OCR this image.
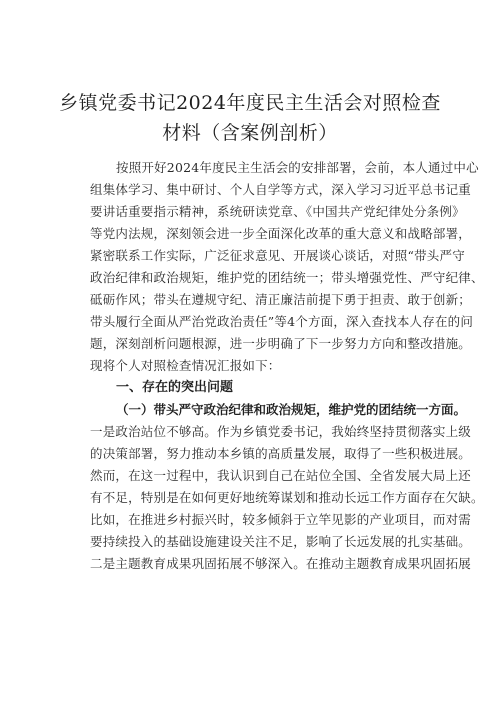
乡镇党委书记2024年度民主生活会对照检查
材料（含案例剖析）
按照开好2024年度民主生活会的安排部署，会前，本人通过中心
组集体学习、集中研讨、个人自学等方式，深入学习习近平总书记重
要讲话重要指示精神，系统研读党章、《中国共产党纪律处分条例》
等党内法规，深刻领会进一步全面深化改革的重大意义和战略部署，
紧密联系工作实际，广泛征求意见、开展谈心谈话，对照“带头严守
政治纪律和政治规矩，维护党的团结统一；带头增强党性、严守纪律、
砥砺作风；带头在遵规守纪、清正廉洁前提下勇于担责、敢于创新；
带头履行全面从严治党政治责任”等4个方面，深入查找本人存在的问
题，深刻剖析问题根源，进一步明确了下一步努力方向和整改措施。
现将个人对照检查情况汇报如下：
一、存在的突出问题
（一）带头严守政治纪律和政治规矩，维护党的团结统一方面。
一是政治站位不够高。作为乡镇党委书记，我始终坚持贯彻落实上级
的决策部署，努力推动本乡镇的高质量发展，取得了一些积极进展。
然而，在这一过程中，我认识到自己在站位全国、全省发展大局上还
有不足，特别是在如何更好地统筹谋划和推动长远工作方面存在欠缺。
比如，在推进乡村振兴时，较多倾斜于立竿见影的产业项目，而对需
要持续投入的基础设施建设关注不足，影响了长远发展的扎实基础。
二是主题教育成果巩固拓展不够深入。在推动主题教育成果巩固拓展
